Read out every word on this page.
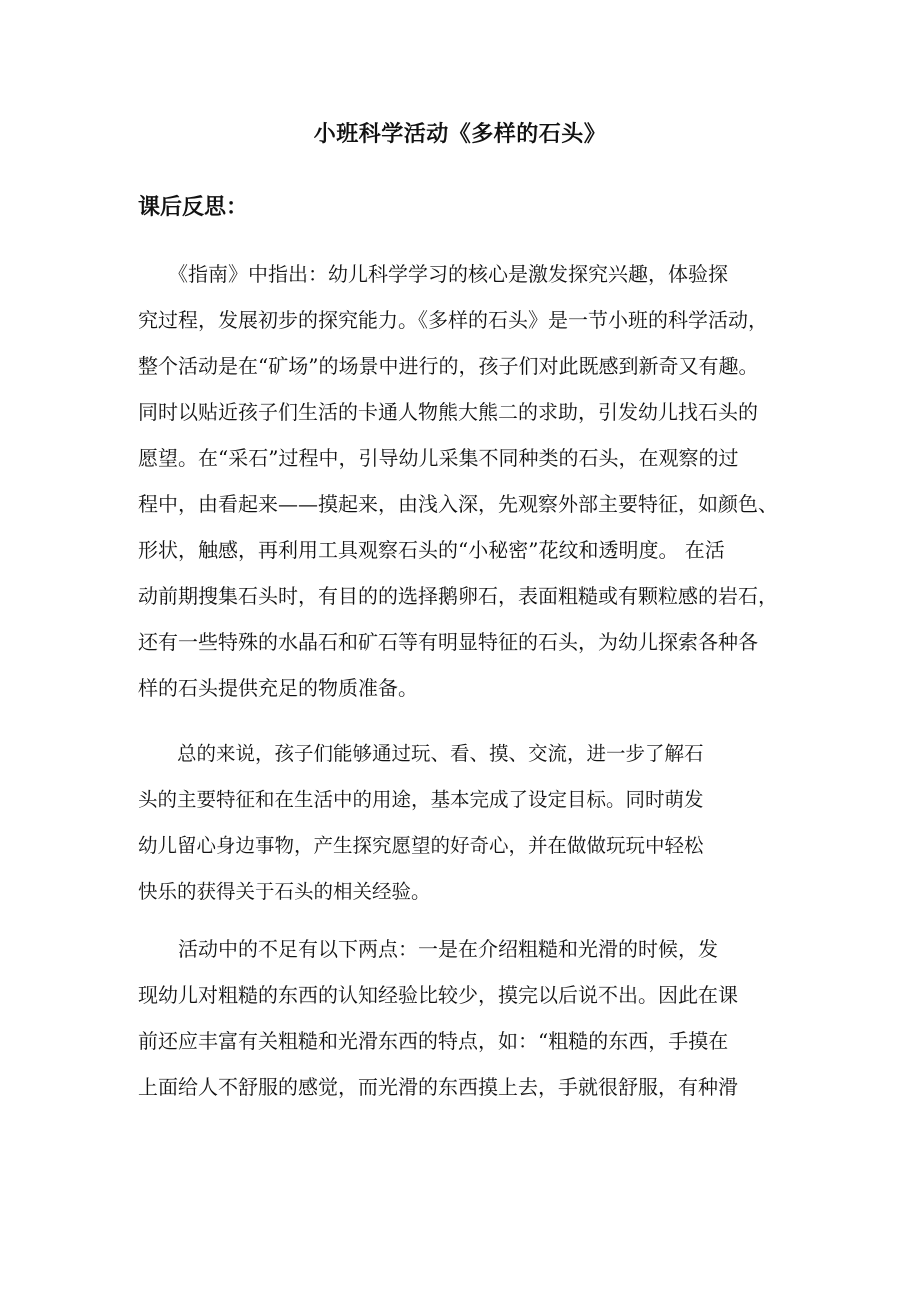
小班科学活动《多样的石头》
课后反思：
　　《指南》中指出：幼儿科学学习的核心是激发探究兴趣，体验探
究过程，发展初步的探究能力。《多样的石头》是一节小班的科学活动，
整个活动是在“矿场”的场景中进行的，孩子们对此既感到新奇又有趣。
同时以贴近孩子们生活的卡通人物熊大熊二的求助，引发幼儿找石头的
愿望。在“采石”过程中，引导幼儿采集不同种类的石头，在观察的过
程中，由看起来——摸起来，由浅入深，先观察外部主要特征，如颜色、
形状，触感，再利用工具观察石头的“小秘密”花纹和透明度。 在活
动前期搜集石头时，有目的的选择鹅卵石，表面粗糙或有颗粒感的岩石，
还有一些特殊的水晶石和矿石等有明显特征的石头，为幼儿探索各种各
样的石头提供充足的物质准备。
　　总的来说，孩子们能够通过玩、看、摸、交流，进一步了解石
头的主要特征和在生活中的用途，基本完成了设定目标。同时萌发
幼儿留心身边事物，产生探究愿望的好奇心，并在做做玩玩中轻松
快乐的获得关于石头的相关经验。
　　活动中的不足有以下两点：一是在介绍粗糙和光滑的时候，发
现幼儿对粗糙的东西的认知经验比较少，摸完以后说不出。因此在课
前还应丰富有关粗糙和光滑东西的特点，如：“粗糙的东西，手摸在
上面给人不舒服的感觉，而光滑的东西摸上去，手就很舒服，有种滑
